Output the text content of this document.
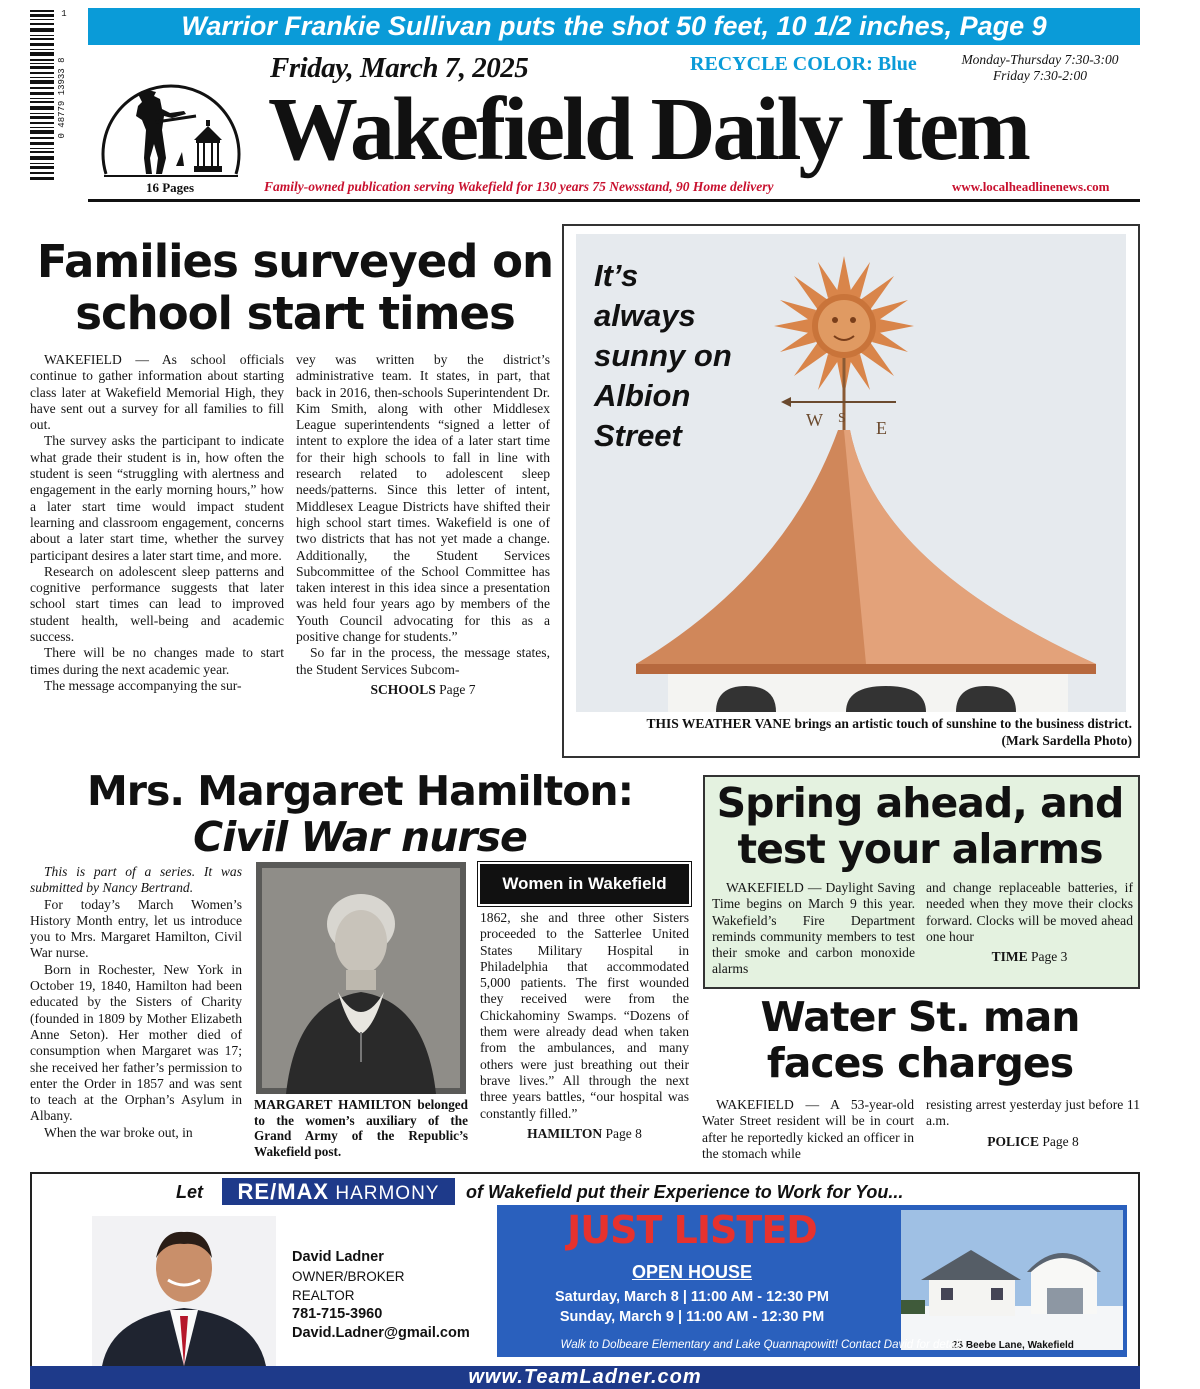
Warrior Frankie Sullivan puts the shot 50 feet, 10 1/2 inches, Page 9
0 48779 13933 8
1
16 Pages
Friday, March 7, 2025	RECYCLE COLOR: Blue	Monday-Thursday 7:30-3:00
Friday 7:30-2:00
Wakefield Daily Item
Family-owned publication serving Wakefield for 130 years 75 Newsstand, 90 Home delivery	www.localheadlinenews.com
Families surveyed on school start times

WAKEFIELD — As school officials continue to gather information about starting class later at Wakefield Memorial High, they have sent out a survey for all families to fill out.

The survey asks the participant to indicate what grade their student is in, how often the student is seen “struggling with alertness and engagement in the early morning hours,” how a later start time would impact student learning and classroom engagement, concerns about a later start time, whether the survey participant desires a later start time, and more.

Research on adolescent sleep patterns and cognitive performance suggests that later school start times can lead to improved student health, well-being and academic success.

There will be no changes made to start times during the next academic year.

The message accompanying the sur-

vey was written by the district’s administrative team. It states, in part, that back in 2016, then-schools Superintendent Dr. Kim Smith, along with other Middlesex League superintendents “signed a letter of intent to explore the idea of a later start time for their high schools to fall in line with research related to adolescent sleep needs/patterns. Since this letter of intent, Middlesex League Districts have shifted their high school start times. Wakefield is one of two districts that has not yet made a change. Additionally, the Student Services Subcommittee of the School Committee has taken interest in this idea since a presentation was held four years ago by members of the Youth Council advocating for this as a positive change for students.”

So far in the process, the message states, the Student Services Subcom-

SCHOOLS Page 7
W	E
S
It’s
always
sunny on
Albion
Street
THIS WEATHER VANE brings an artistic touch of sunshine to the business district.
(Mark Sardella Photo)
Mrs. Margaret Hamilton:
Civil War nurse

This is part of a series. It was submitted by Nancy Bertrand.

For today’s March Women’s History Month entry, let us introduce you to Mrs. Margaret Hamilton, Civil War nurse.

Born in Rochester, New York in October 19, 1840, Hamilton had been educated by the Sisters of Charity (founded in 1809 by Mother Elizabeth Anne Seton). Her mother died of consumption when Margaret was 17; she received her father’s permission to enter the Order in 1857 and was sent to teach at the Orphan’s Asylum in Albany.

When the war broke out, in

MARGARET HAMILTON belonged to the women’s auxiliary of the Grand Army of the Republic’s Wakefield post.
Women in Wakefield

1862, she and three other Sisters proceeded to the Satterlee United States Military Hospital in Philadelphia that accommodated 5,000 patients. The first wounded they received were from the Chickahominy Swamps. “Dozens of them were already dead when taken from the ambulances, and many others were just breathing out their brave lives.” All through the next three years battles, “our hospital was constantly filled.”

HAMILTON Page 8
Spring ahead, and test your alarms

WAKEFIELD — Daylight Saving Time begins on March 9 this year. Wakefield’s Fire Department reminds community members to test their smoke and carbon monoxide alarms

and change replaceable batteries, if needed when they move their clocks forward. Clocks will be moved ahead one hour

TIME Page 3
Water St. man faces charges

WAKEFIELD — A 53-year-old Water Street resident will be in court after he reportedly kicked an officer in the stomach while

resisting arrest yesterday just before 11 a.m.

POLICE Page 8
Let	RE/MAX HARMONY	of Wakefield put their Experience to Work for You...
David Ladner
OWNER/BROKER
REALTOR
781-715-3960
David.Ladner@gmail.com
JUST LISTED
OPEN HOUSE
Saturday, March 8 | 11:00 AM - 12:30 PM
Sunday, March 9 | 11:00 AM - 12:30 PM
23 Beebe Lane, Wakefield
Walk to Dolbeare Elementary and Lake Quannapowitt! Contact David for details.
www.TeamLadner.com
